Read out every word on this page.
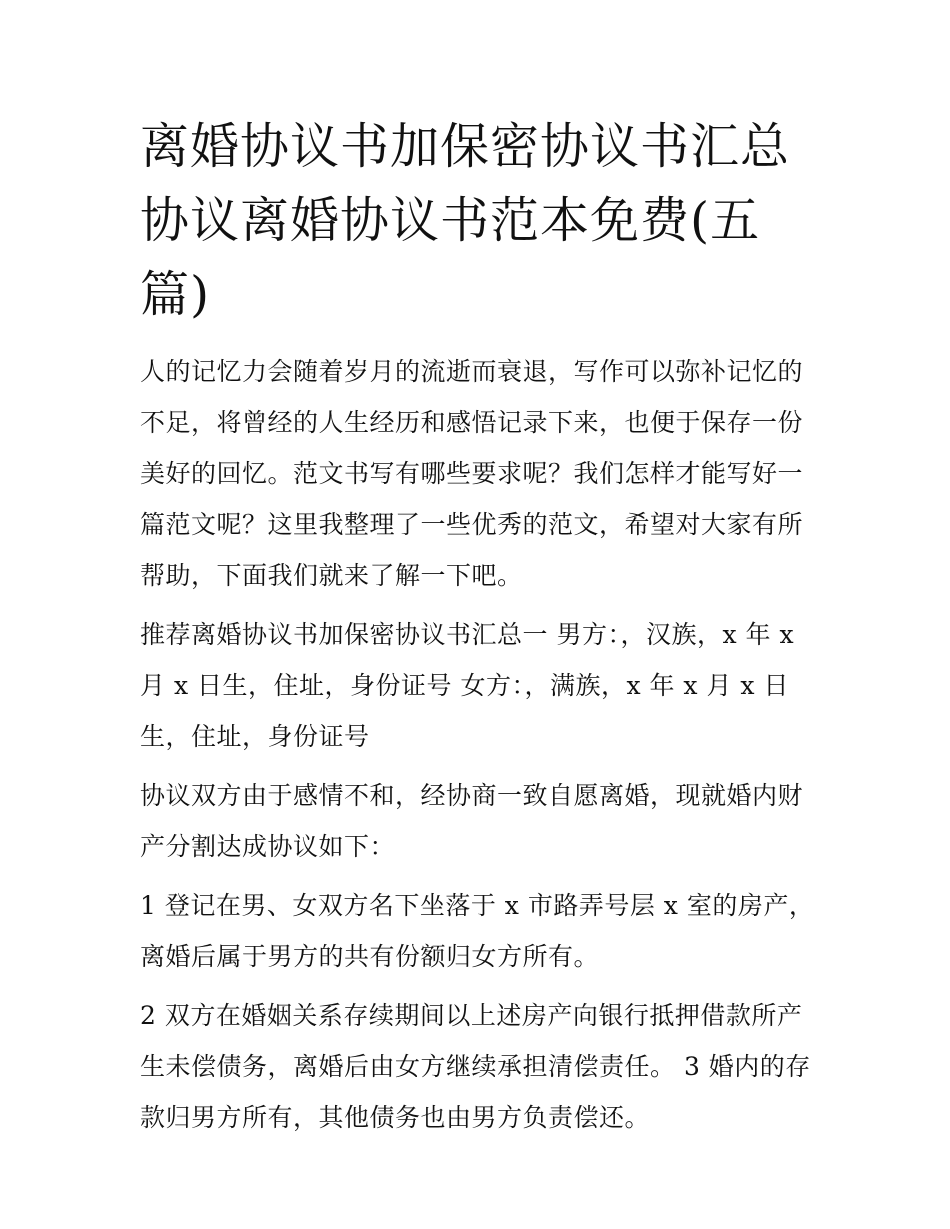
离婚协议书加保密协议书汇总协议离婚协议书范本免费(五篇)

人的记忆力会随着岁月的流逝而衰退，写作可以弥补记忆的不足，将曾经的人生经历和感悟记录下来，也便于保存一份美好的回忆。范文书写有哪些要求呢？我们怎样才能写好一篇范文呢？这里我整理了一些优秀的范文，希望对大家有所帮助，下面我们就来了解一下吧。

推荐离婚协议书加保密协议书汇总一 男方：，汉族，x 年 x 月 x 日生，住址，身份证号 女方：，满族，x 年 x 月 x 日生，住址，身份证号

协议双方由于感情不和，经协商一致自愿离婚，现就婚内财产分割达成协议如下：

1 登记在男、女双方名下坐落于 x 市路弄号层 x 室的房产，离婚后属于男方的共有份额归女方所有。

2 双方在婚姻关系存续期间以上述房产向银行抵押借款所产生未偿债务，离婚后由女方继续承担清偿责任。 3 婚内的存款归男方所有，其他债务也由男方负责偿还。
